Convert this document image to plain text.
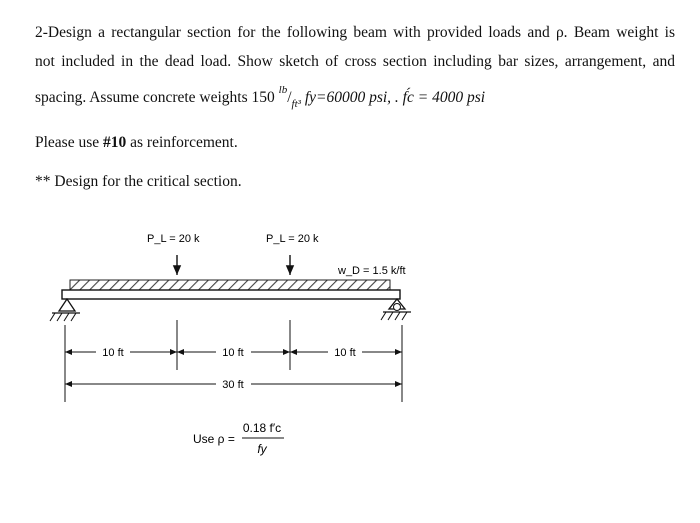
2-Design a rectangular section for the following beam with provided loads and ρ. Beam weight is
not included in the dead load. Show sketch of cross section including bar sizes, arrangement, and
spacing. Assume concrete weights 150 $^{lb}/_{ft^3}$ fy=60000 psi, . f́c = 4000 psi
Please use #10 as reinforcement.
** Design for the critical section.
P_L = 20 k	P_L = 20 k
w_D = 1.5 k/ft
10 ft	10 ft	10 ft
30 ft
Use ρ =
0.18 f′c
fy
